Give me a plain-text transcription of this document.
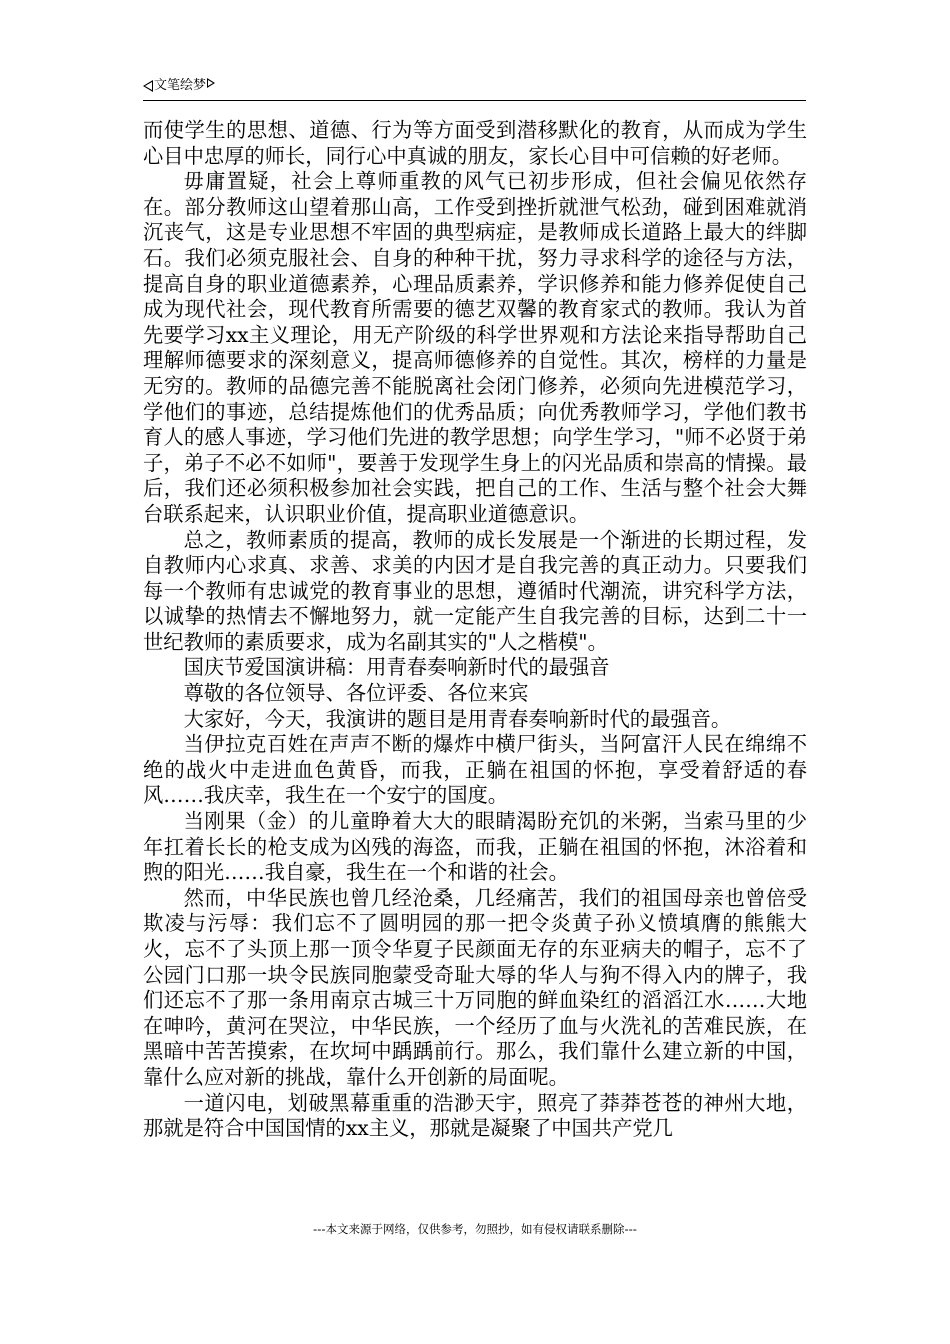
文笔绘梦

而使学生的思想、道德、行为等方面受到潜移默化的教育，从而成为学生心目中忠厚的师长，同行心中真诚的朋友，家长心目中可信赖的好老师。

毋庸置疑，社会上尊师重教的风气已初步形成，但社会偏见依然存在。部分教师这山望着那山高，工作受到挫折就泄气松劲，碰到困难就消沉丧气，这是专业思想不牢固的典型病症，是教师成长道路上最大的绊脚石。我们必须克服社会、自身的种种干扰，努力寻求科学的途径与方法，提高自身的职业道德素养，心理品质素养，学识修养和能力修养促使自己成为现代社会，现代教育所需要的德艺双馨的教育家式的教师。我认为首先要学习xx主义理论，用无产阶级的科学世界观和方法论来指导帮助自己理解师德要求的深刻意义，提高师德修养的自觉性。其次，榜样的力量是无穷的。教师的品德完善不能脱离社会闭门修养，必须向先进模范学习，学他们的事迹，总结提炼他们的优秀品质；向优秀教师学习，学他们教书育人的感人事迹，学习他们先进的教学思想；向学生学习，"师不必贤于弟子，弟子不必不如师"，要善于发现学生身上的闪光品质和崇高的情操。最后，我们还必须积极参加社会实践，把自己的工作、生活与整个社会大舞台联系起来，认识职业价值，提高职业道德意识。

总之，教师素质的提高，教师的成长发展是一个渐进的长期过程，发自教师内心求真、求善、求美的内因才是自我完善的真正动力。只要我们每一个教师有忠诚党的教育事业的思想，遵循时代潮流，讲究科学方法，以诚挚的热情去不懈地努力，就一定能产生自我完善的目标，达到二十一世纪教师的素质要求，成为名副其实的"人之楷模"。

国庆节爱国演讲稿：用青春奏响新时代的最强音

尊敬的各位领导、各位评委、各位来宾

大家好，今天，我演讲的题目是用青春奏响新时代的最强音。

当伊拉克百姓在声声不断的爆炸中横尸街头，当阿富汗人民在绵绵不绝的战火中走进血色黄昏，而我，正躺在祖国的怀抱，享受着舒适的春风……我庆幸，我生在一个安宁的国度。

当刚果（金）的儿童睁着大大的眼睛渴盼充饥的米粥，当索马里的少年扛着长长的枪支成为凶残的海盗，而我，正躺在祖国的怀抱，沐浴着和煦的阳光……我自豪，我生在一个和谐的社会。

然而，中华民族也曾几经沧桑，几经痛苦，我们的祖国母亲也曾倍受欺凌与污辱：我们忘不了圆明园的那一把令炎黄子孙义愤填膺的熊熊大火，忘不了头顶上那一顶令华夏子民颜面无存的东亚病夫的帽子，忘不了公园门口那一块令民族同胞蒙受奇耻大辱的华人与狗不得入内的牌子，我们还忘不了那一条用南京古城三十万同胞的鲜血染红的滔滔江水……大地在呻吟，黄河在哭泣，中华民族，一个经历了血与火洗礼的苦难民族，在黑暗中苦苦摸索，在坎坷中踽踽前行。那么，我们靠什么建立新的中国，靠什么应对新的挑战，靠什么开创新的局面呢。

一道闪电，划破黑幕重重的浩渺天宇，照亮了莽莽苍苍的神州大地，那就是符合中国国情的xx主义，那就是凝聚了中国共产党几

---本文来源于网络，仅供参考，勿照抄，如有侵权请联系删除---
